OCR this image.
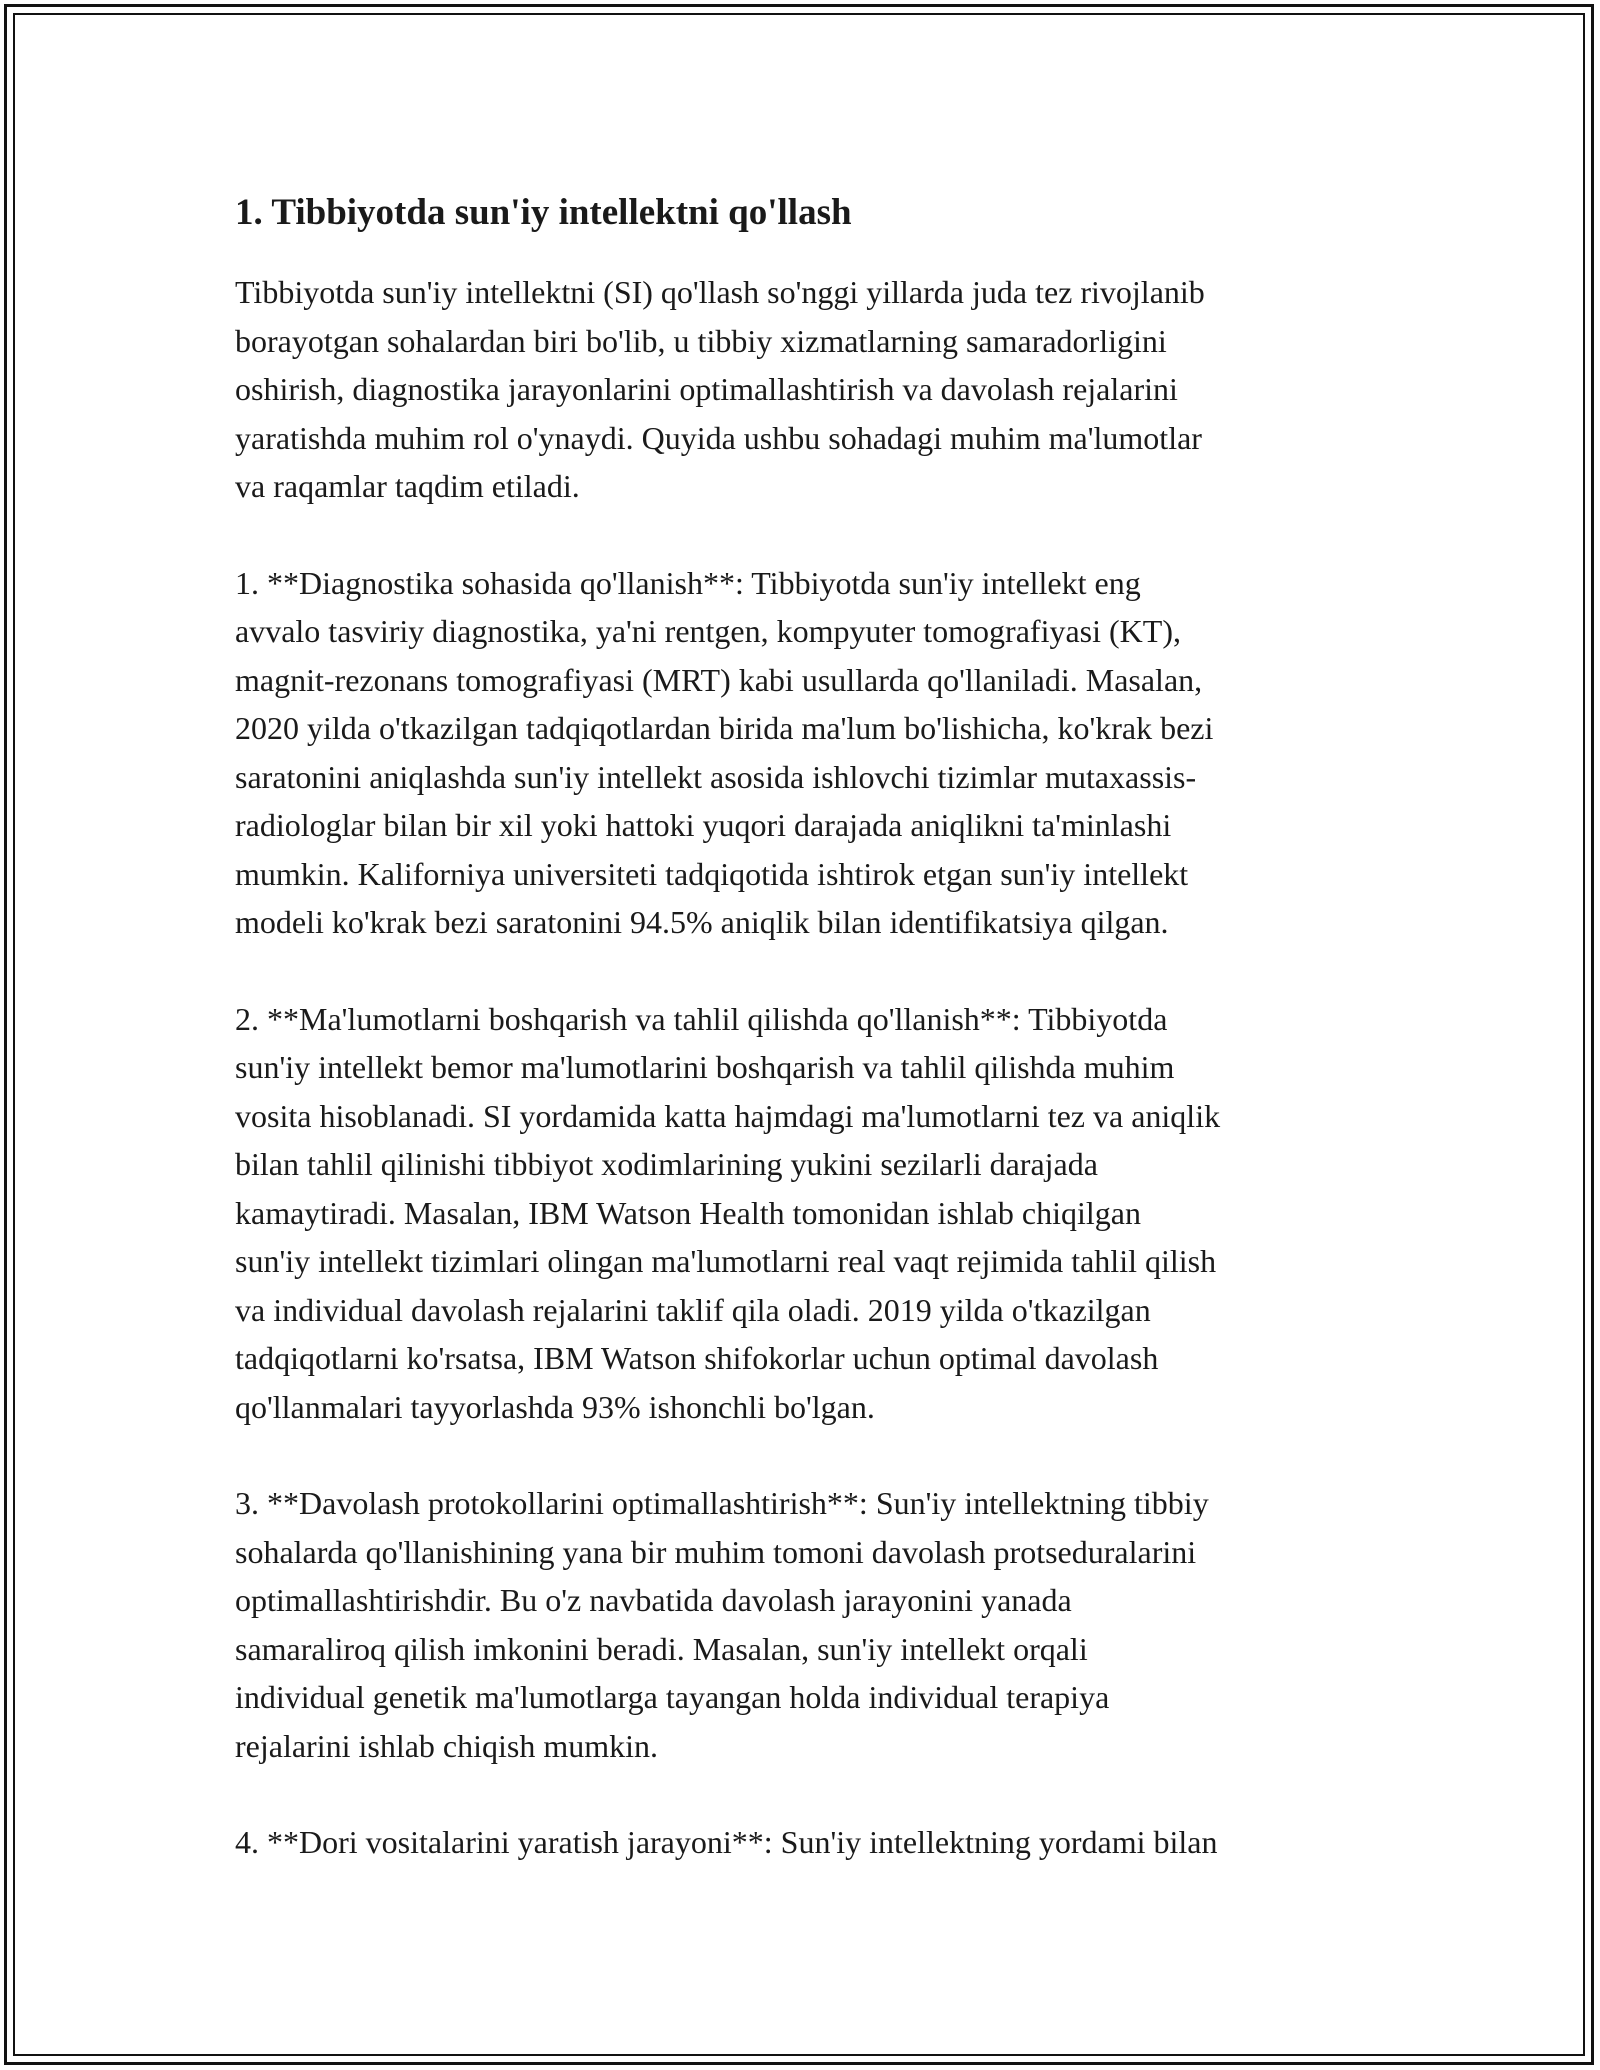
1. Tibbiyotda sun'iy intellektni qo'llash

Tibbiyotda sun'iy intellektni (SI) qo'llash so'nggi yillarda juda tez rivojlanib
borayotgan sohalardan biri bo'lib, u tibbiy xizmatlarning samaradorligini
oshirish, diagnostika jarayonlarini optimallashtirish va davolash rejalarini
yaratishda muhim rol o'ynaydi. Quyida ushbu sohadagi muhim ma'lumotlar
va raqamlar taqdim etiladi.

1. **Diagnostika sohasida qo'llanish**: Tibbiyotda sun'iy intellekt eng
avvalo tasviriy diagnostika, ya'ni rentgen, kompyuter tomografiyasi (KT),
magnit-rezonans tomografiyasi (MRT) kabi usullarda qo'llaniladi. Masalan,
2020 yilda o'tkazilgan tadqiqotlardan birida ma'lum bo'lishicha, ko'krak bezi
saratonini aniqlashda sun'iy intellekt asosida ishlovchi tizimlar mutaxassis-
radiologlar bilan bir xil yoki hattoki yuqori darajada aniqlikni ta'minlashi
mumkin. Kaliforniya universiteti tadqiqotida ishtirok etgan sun'iy intellekt
modeli ko'krak bezi saratonini 94.5% aniqlik bilan identifikatsiya qilgan.

2. **Ma'lumotlarni boshqarish va tahlil qilishda qo'llanish**: Tibbiyotda
sun'iy intellekt bemor ma'lumotlarini boshqarish va tahlil qilishda muhim
vosita hisoblanadi. SI yordamida katta hajmdagi ma'lumotlarni tez va aniqlik
bilan tahlil qilinishi tibbiyot xodimlarining yukini sezilarli darajada
kamaytiradi. Masalan, IBM Watson Health tomonidan ishlab chiqilgan
sun'iy intellekt tizimlari olingan ma'lumotlarni real vaqt rejimida tahlil qilish
va individual davolash rejalarini taklif qila oladi. 2019 yilda o'tkazilgan
tadqiqotlarni ko'rsatsa, IBM Watson shifokorlar uchun optimal davolash
qo'llanmalari tayyorlashda 93% ishonchli bo'lgan.

3. **Davolash protokollarini optimallashtirish**: Sun'iy intellektning tibbiy
sohalarda qo'llanishining yana bir muhim tomoni davolash protseduralarini
optimallashtirishdir. Bu o'z navbatida davolash jarayonini yanada
samaraliroq qilish imkonini beradi. Masalan, sun'iy intellekt orqali
individual genetik ma'lumotlarga tayangan holda individual terapiya
rejalarini ishlab chiqish mumkin.

4. **Dori vositalarini yaratish jarayoni**: Sun'iy intellektning yordami bilan
